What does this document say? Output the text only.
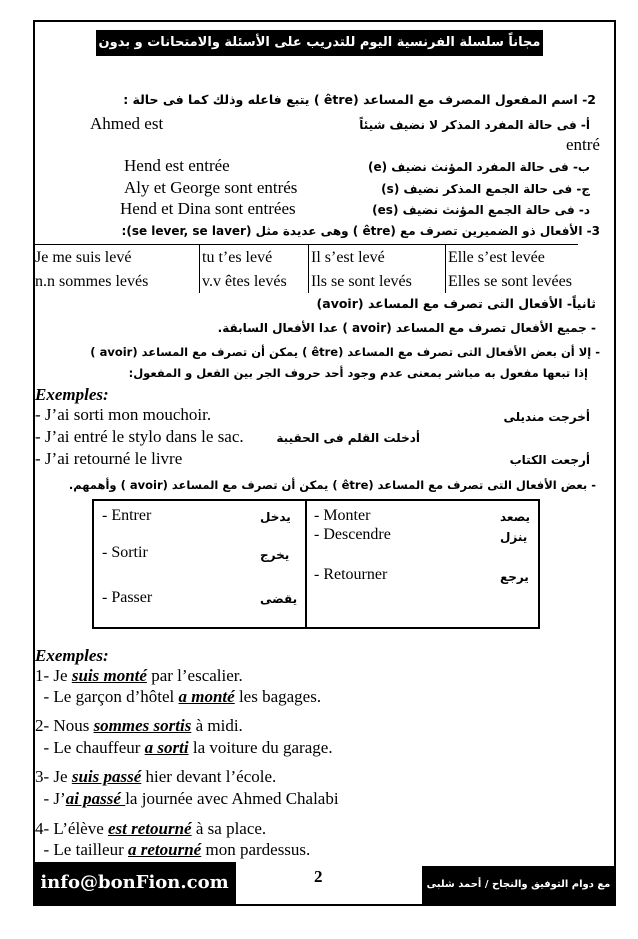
مجاناً سلسلة الفرنسية اليوم للتدريب على الأسئلة والامتحانات و بدون مقابل
2- اسم المفعول المصرف مع المساعد (être ) يتبع فاعله وذلك كما فى حالة :
أ- فى حالة المفرد المذكر لا نضيف شيئاً
Ahmed est
entré
ب- فى حالة المفرد المؤنث نضيف (e)
Hend est entrée
ج- فى حالة الجمع المذكر نضيف (s)
Aly et George sont entrés
د- فى حالة الجمع المؤنث نضيف (es)
Hend et Dina sont entrées
3- الأفعال ذو الضميرين تصرف مع (être ) وهى عديدة مثل (se lever, se laver):
Je me suis levé	tu t’es levé	Il s’est levé	Elle s’est levée
n.n sommes levés	v.v êtes levés	Ils se sont levés	Elles se sont levées
ثانياً- الأفعال التى تصرف مع المساعد (avoir)
- جميع الأفعال تصرف مع المساعد (avoir ) عدا الأفعال السابقة.
- إلا أن بعض الأفعال التى تصرف مع المساعد (être ) يمكن أن تصرف مع المساعد (avoir )
إذا تبعها مفعول به مباشر بمعنى عدم وجود أحد حروف الجر بين الفعل و المفعول:
Exemples:
- J’ai sorti mon mouchoir.	أخرجت منديلى
- J’ai entré le stylo dans le sac.	أدخلت القلم فى الحقيبة
- J’ai retourné le livre	أرجعت الكتاب
- بعض الأفعال التى تصرف مع المساعد (être ) يمكن أن تصرف مع المساعد (avoir ) وأهمهم.
- Entrer	يدخل
- Sortir	يخرج
- Passer	يقضى
- Monter	يصعد
- Descendre	ينزل
- Retourner	يرجع
Exemples:
1- Je suis monté par l’escalier.
- Le garçon d’hôtel a monté les bagages.
2- Nous sommes sortis à midi.
- Le chauffeur a sorti la voiture du garage.
3- Je suis passé hier devant l’école.
- J’ai passé la journée avec Ahmed Chalabi
4- L’élève est retourné à sa place.
- Le tailleur a retourné mon pardessus.
2
info@bonFion.com	مع دوام التوفيق والنجاح / أحمد شلبى
